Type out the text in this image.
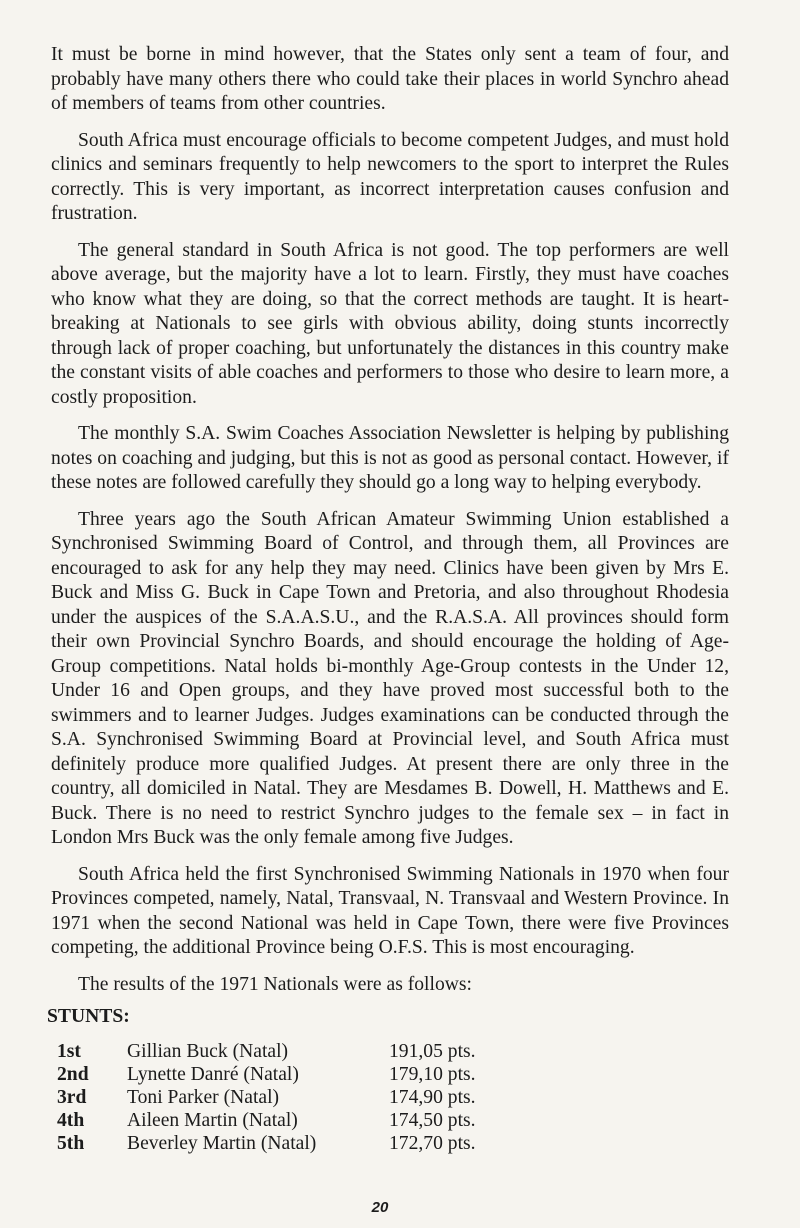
It must be borne in mind however, that the States only sent a team of four, and probably have many others there who could take their places in world Synchro ahead of members of teams from other countries.

South Africa must encourage officials to become competent Judges, and must hold clinics and seminars frequently to help newcomers to the sport to interpret the Rules correctly. This is very important, as incorrect interpretation causes confusion and frustration.

The general standard in South Africa is not good. The top performers are well above average, but the majority have a lot to learn. Firstly, they must have coaches who know what they are doing, so that the correct methods are taught. It is heart-breaking at Nationals to see girls with obvious ability, doing stunts incorrectly through lack of proper coaching, but unfortunately the distances in this country make the constant visits of able coaches and performers to those who desire to learn more, a costly proposition.

The monthly S.A. Swim Coaches Association Newsletter is helping by publishing notes on coaching and judging, but this is not as good as personal contact. However, if these notes are followed carefully they should go a long way to helping everybody.

Three years ago the South African Amateur Swimming Union established a Synchronised Swimming Board of Control, and through them, all Provinces are encouraged to ask for any help they may need. Clinics have been given by Mrs E. Buck and Miss G. Buck in Cape Town and Pretoria, and also throughout Rhodesia under the auspices of the S.A.A.S.U., and the R.A.S.A. All provinces should form their own Provincial Synchro Boards, and should encourage the holding of Age-Group competitions. Natal holds bi-monthly Age-Group contests in the Under 12, Under 16 and Open groups, and they have proved most successful both to the swimmers and to learner Judges. Judges examinations can be conducted through the S.A. Synchronised Swimming Board at Provincial level, and South Africa must definitely produce more qualified Judges. At present there are only three in the country, all domiciled in Natal. They are Mesdames B. Dowell, H. Matthews and E. Buck. There is no need to restrict Synchro judges to the female sex – in fact in London Mrs Buck was the only female among five Judges.

South Africa held the first Synchronised Swimming Nationals in 1970 when four Provinces competed, namely, Natal, Transvaal, N. Transvaal and Western Province. In 1971 when the second National was held in Cape Town, there were five Provinces competing, the additional Province being O.F.S. This is most encouraging.

The results of the 1971 Nationals were as follows:

STUNTS:
1st	Gillian Buck (Natal)	191,05 pts.
2nd	Lynette Danré (Natal)	179,10 pts.
3rd	Toni Parker (Natal)	174,90 pts.
4th	Aileen Martin (Natal)	174,50 pts.
5th	Beverley Martin (Natal)	172,70 pts.
20
